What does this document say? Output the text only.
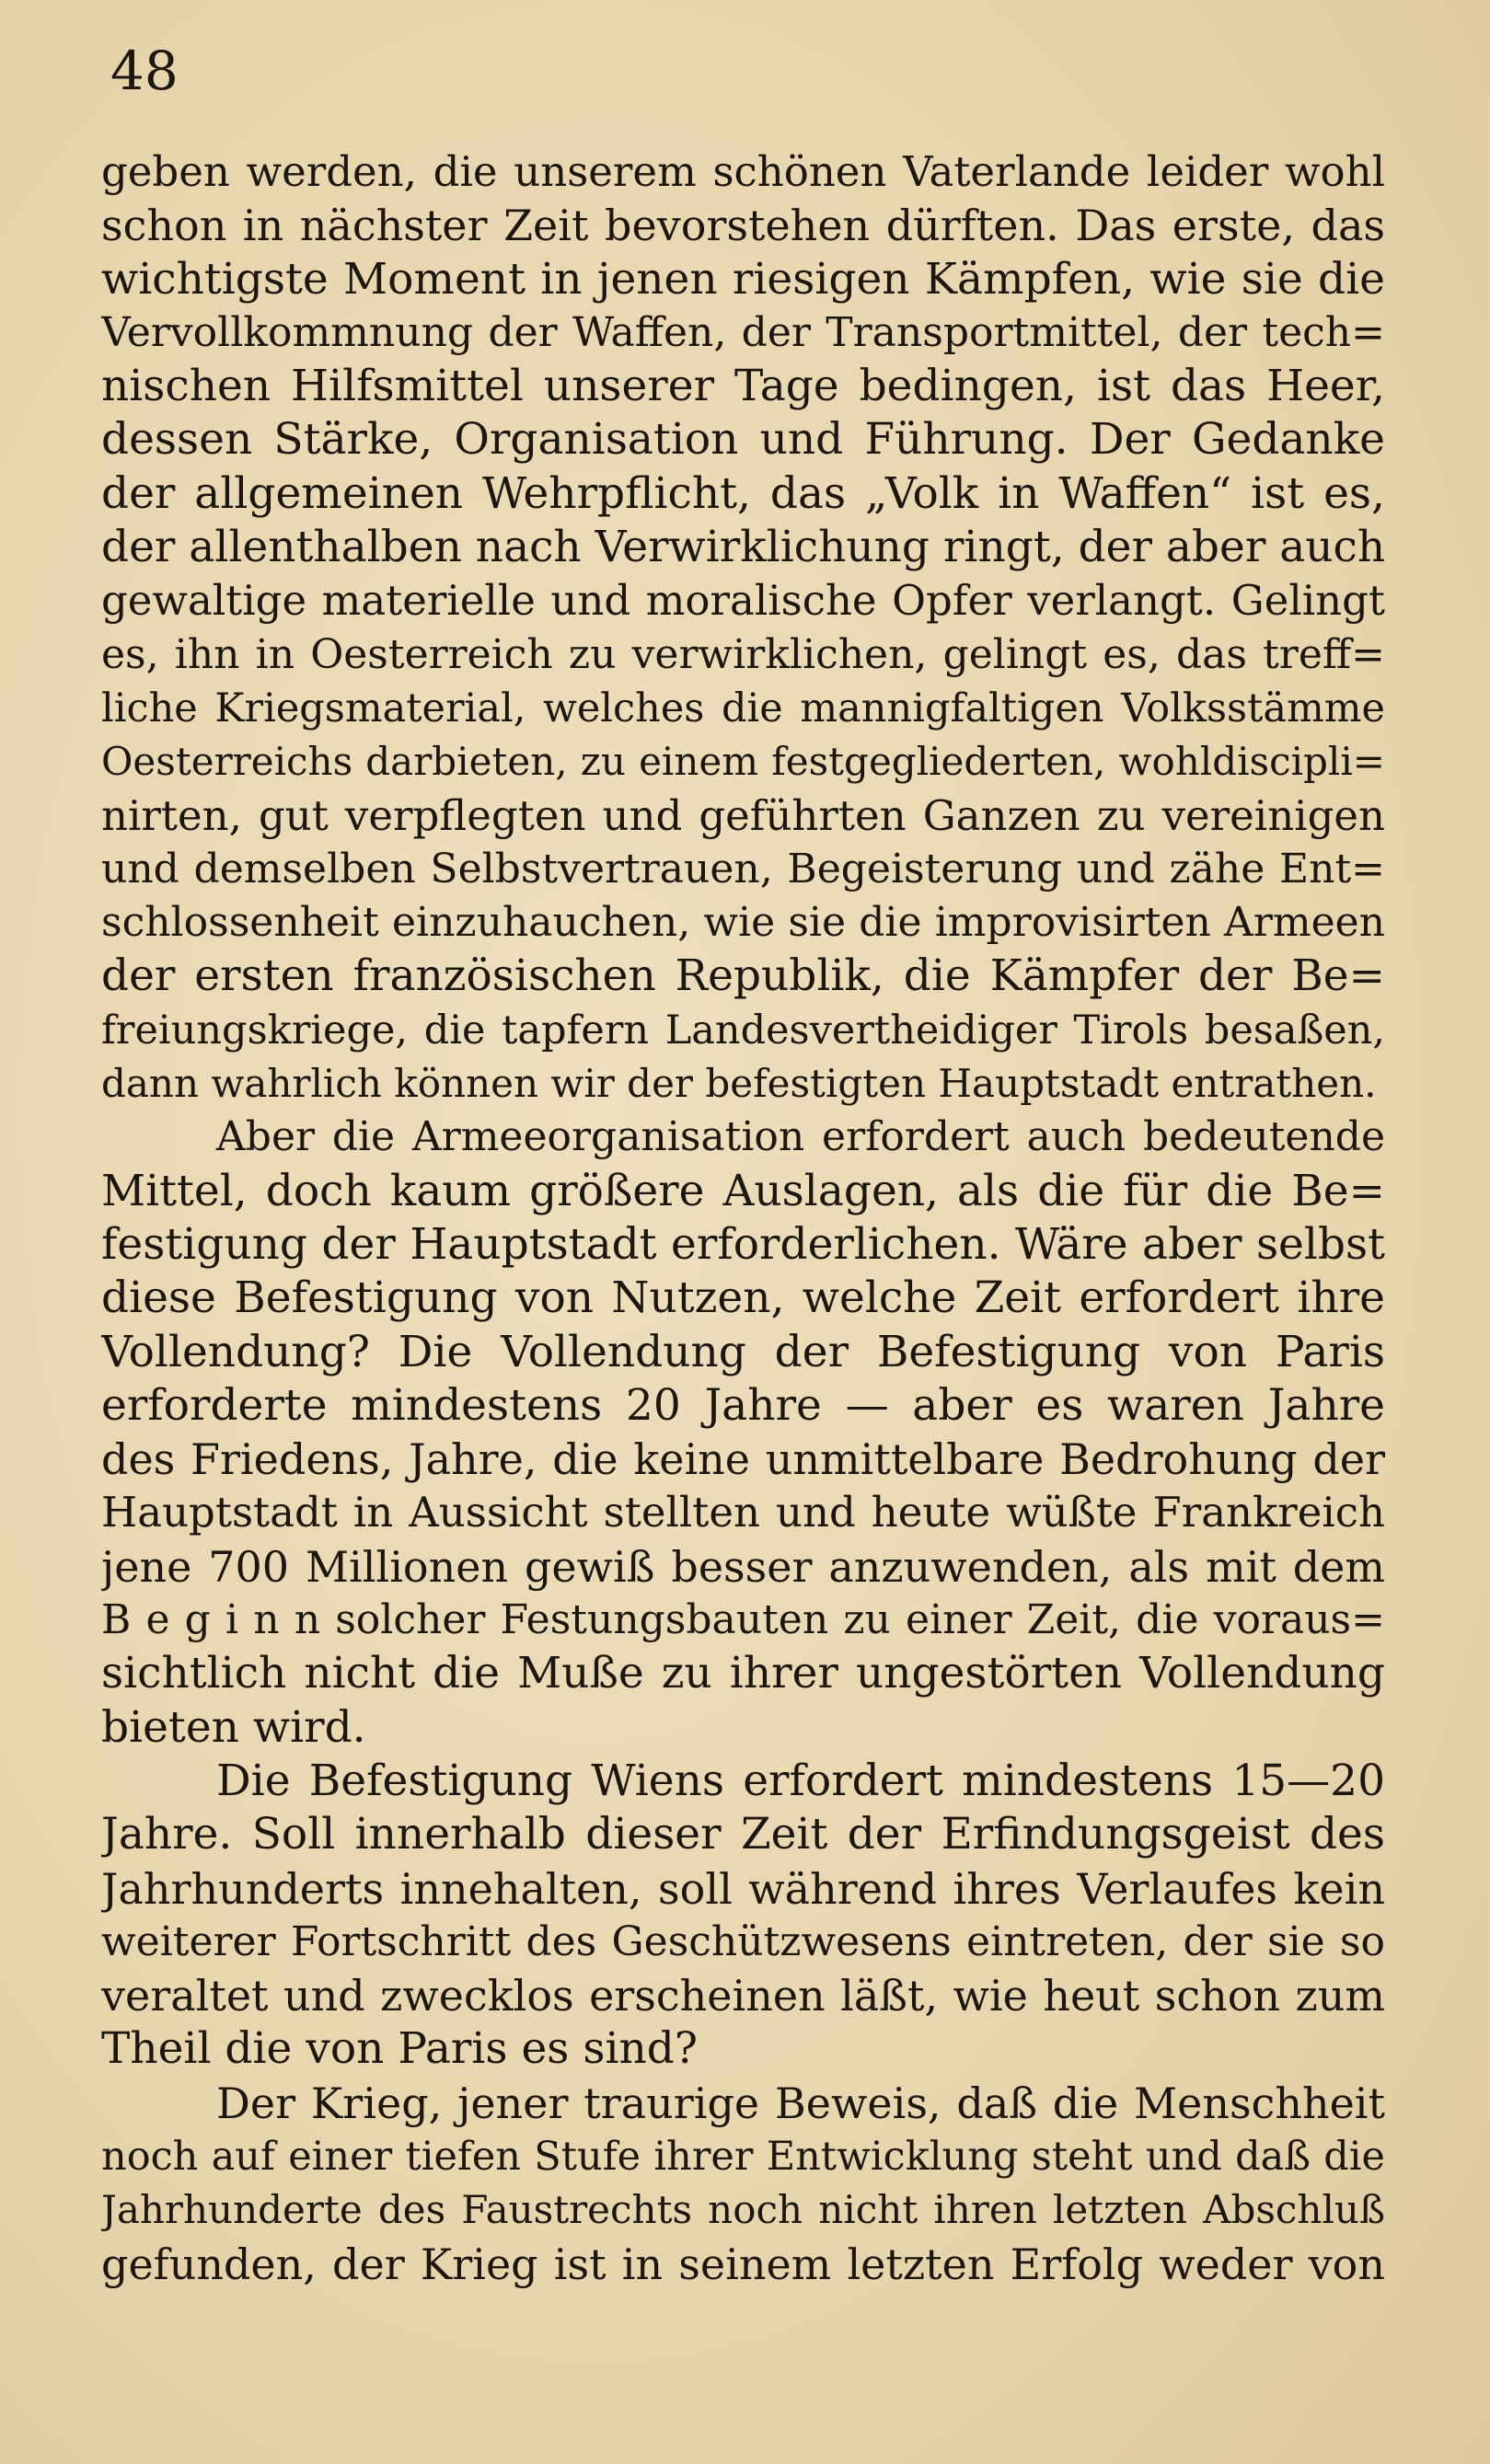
48
geben werden, die unserem schönen Vaterlande leider wohl
schon in nächster Zeit bevorstehen dürften. Das erste, das
wichtigste Moment in jenen riesigen Kämpfen, wie sie die
Vervollkommnung der Waffen, der Transportmittel, der tech=
nischen Hilfsmittel unserer Tage bedingen, ist das Heer,
dessen Stärke, Organisation und Führung. Der Gedanke
der allgemeinen Wehrpflicht, das „Volk in Waffen“ ist es,
der allenthalben nach Verwirklichung ringt, der aber auch
gewaltige materielle und moralische Opfer verlangt. Gelingt
es, ihn in Oesterreich zu verwirklichen, gelingt es, das treff=
liche Kriegsmaterial, welches die mannigfaltigen Volksstämme
Oesterreichs darbieten, zu einem festgegliederten, wohldiscipli=
nirten, gut verpflegten und geführten Ganzen zu vereinigen
und demselben Selbstvertrauen, Begeisterung und zähe Ent=
schlossenheit einzuhauchen, wie sie die improvisirten Armeen
der ersten französischen Republik, die Kämpfer der Be=
freiungskriege, die tapfern Landesvertheidiger Tirols besaßen,
dann wahrlich können wir der befestigten Hauptstadt entrathen.
Aber die Armeeorganisation erfordert auch bedeutende
Mittel, doch kaum größere Auslagen, als die für die Be=
festigung der Hauptstadt erforderlichen. Wäre aber selbst
diese Befestigung von Nutzen, welche Zeit erfordert ihre
Vollendung? Die Vollendung der Befestigung von Paris
erforderte mindestens 20 Jahre — aber es waren Jahre
des Friedens, Jahre, die keine unmittelbare Bedrohung der
Hauptstadt in Aussicht stellten und heute wüßte Frankreich
jene 700 Millionen gewiß besser anzuwenden, als mit dem
B e g i n n solcher Festungsbauten zu einer Zeit, die voraus=
sichtlich nicht die Muße zu ihrer ungestörten Vollendung
bieten wird.
Die Befestigung Wiens erfordert mindestens 15—20
Jahre. Soll innerhalb dieser Zeit der Erfindungsgeist des
Jahrhunderts innehalten, soll während ihres Verlaufes kein
weiterer Fortschritt des Geschützwesens eintreten, der sie so
veraltet und zwecklos erscheinen läßt, wie heut schon zum
Theil die von Paris es sind?
Der Krieg, jener traurige Beweis, daß die Menschheit
noch auf einer tiefen Stufe ihrer Entwicklung steht und daß die
Jahrhunderte des Faustrechts noch nicht ihren letzten Abschluß
gefunden, der Krieg ist in seinem letzten Erfolg weder von
